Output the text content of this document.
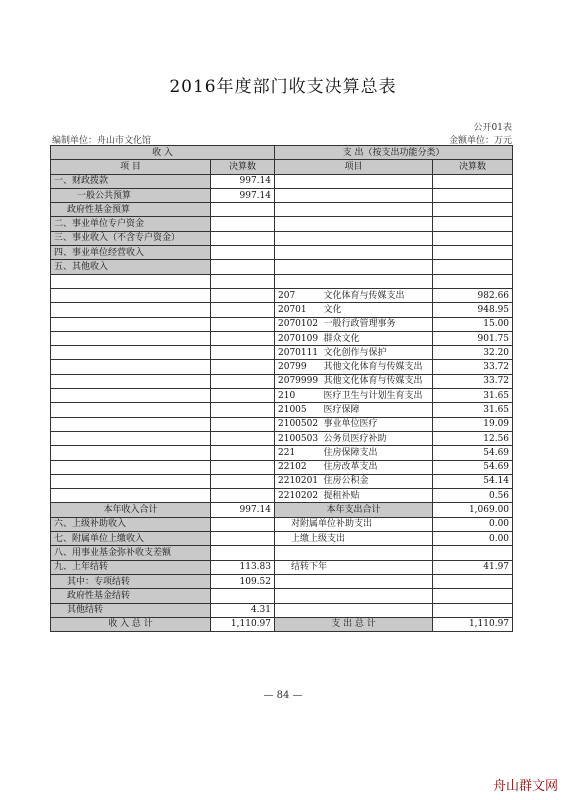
2016年度部门收支决算总表
公开01表
编制单位：舟山市文化馆	金额单位：万元
收 入		支 出（按支出功能分类）		
项 目	决算数	项目		决算数
一、财政拨款	997.14			
一般公共预算	997.14			
政府性基金预算				
二、事业单位专户资金				
三、事业收入（不含专户资金）				
四、事业单位经营收入				
五、其他收入				

		207	文化体育与传媒支出	982.66
		20701	文化	948.95
		2070102	一般行政管理事务	15.00
		2070109	群众文化	901.75
		2070111	文化创作与保护	32.20
		20799	其他文化体育与传媒支出	33.72
		2079999	其他文化体育与传媒支出	33.72
		210	医疗卫生与计划生育支出	31.65
		21005	医疗保障	31.65
		2100502	事业单位医疗	19.09
		2100503	公务员医疗补助	12.56
		221	住房保障支出	54.69
		22102	住房改革支出	54.69
		2210201	住房公积金	54.14
		2210202	提租补贴	0.56
本年收入合计	997.14	本年支出合计		1,069.00
六、上级补助收入		对附属单位补助支出		0.00
七、附属单位上缴收入		上缴上级支出		0.00
八、用事业基金弥补收支差额				
九、上年结转	113.83	结转下年		41.97
其中：专项结转	109.52			
政府性基金结转				
其他结转	4.31			
收 入 总 计	1,110.97	支 出 总 计		1,110.97
— 84 —
舟山群文网
